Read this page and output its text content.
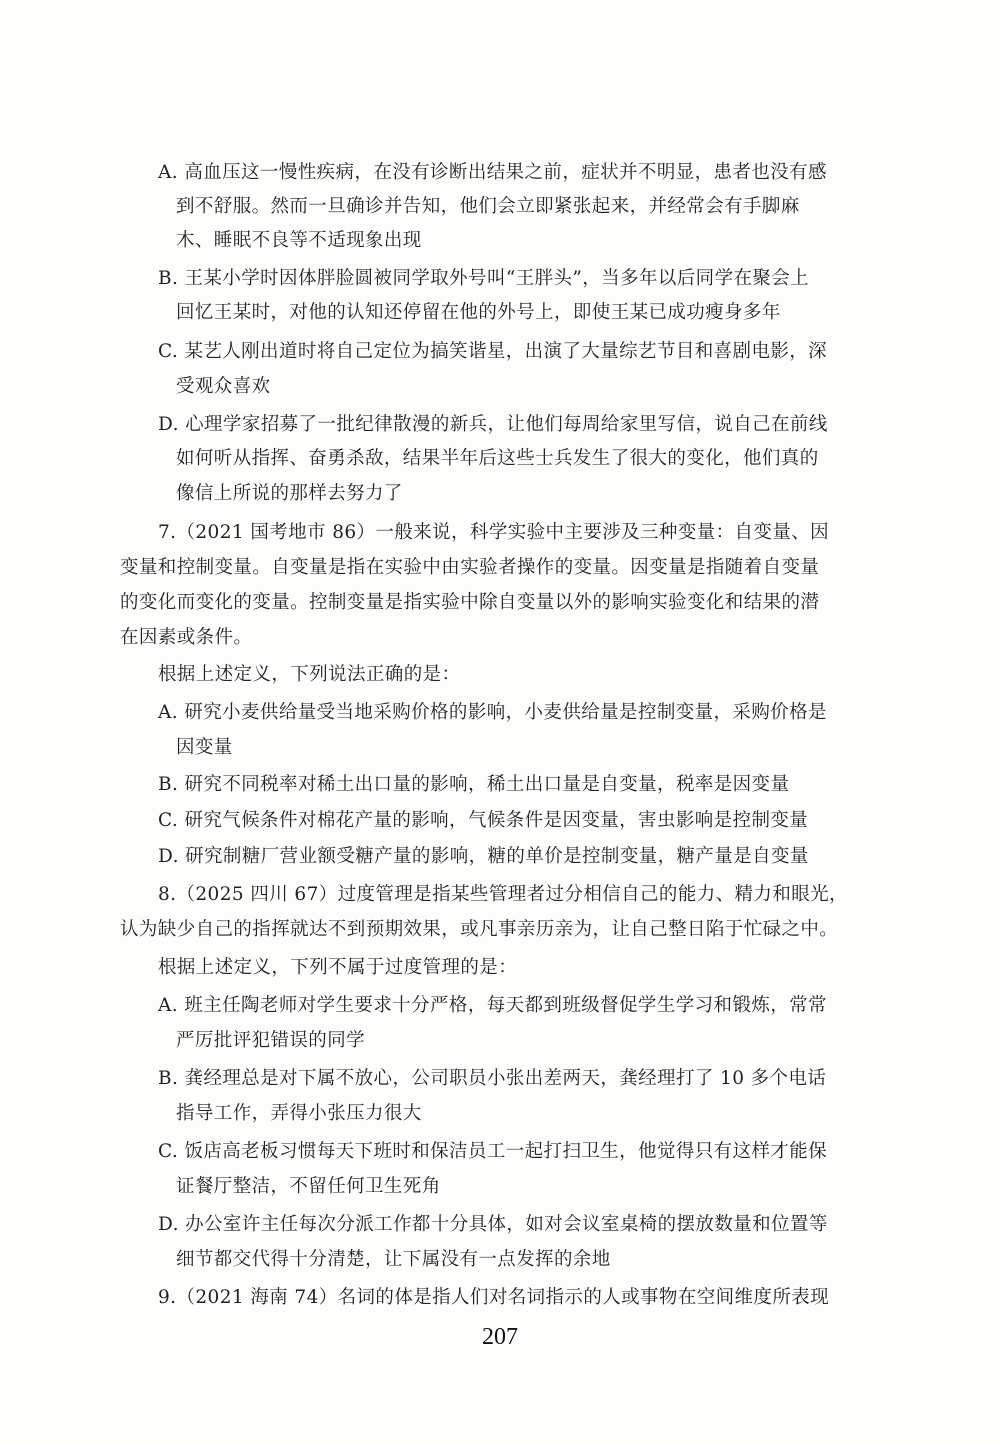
A. 高血压这一慢性疾病，在没有诊断出结果之前，症状并不明显，患者也没有感

到不舒服。然而一旦确诊并告知，他们会立即紧张起来，并经常会有手脚麻

木、睡眠不良等不适现象出现

B. 王某小学时因体胖脸圆被同学取外号叫“王胖头”，当多年以后同学在聚会上

回忆王某时，对他的认知还停留在他的外号上，即使王某已成功瘦身多年

C. 某艺人刚出道时将自己定位为搞笑谐星，出演了大量综艺节目和喜剧电影，深

受观众喜欢

D. 心理学家招募了一批纪律散漫的新兵，让他们每周给家里写信，说自己在前线

如何听从指挥、奋勇杀敌，结果半年后这些士兵发生了很大的变化，他们真的

像信上所说的那样去努力了

7.（2021 国考地市 86）一般来说，科学实验中主要涉及三种变量：自变量、因

变量和控制变量。自变量是指在实验中由实验者操作的变量。因变量是指随着自变量

的变化而变化的变量。控制变量是指实验中除自变量以外的影响实验变化和结果的潜

在因素或条件。

根据上述定义，下列说法正确的是：

A. 研究小麦供给量受当地采购价格的影响，小麦供给量是控制变量，采购价格是

因变量

B. 研究不同税率对稀土出口量的影响，稀土出口量是自变量，税率是因变量

C. 研究气候条件对棉花产量的影响，气候条件是因变量，害虫影响是控制变量

D. 研究制糖厂营业额受糖产量的影响，糖的单价是控制变量，糖产量是自变量

8.（2025 四川 67）过度管理是指某些管理者过分相信自己的能力、精力和眼光，

认为缺少自己的指挥就达不到预期效果，或凡事亲历亲为，让自己整日陷于忙碌之中。

根据上述定义，下列不属于过度管理的是：

A. 班主任陶老师对学生要求十分严格，每天都到班级督促学生学习和锻炼，常常

严厉批评犯错误的同学

B. 龚经理总是对下属不放心，公司职员小张出差两天，龚经理打了 10 多个电话

指导工作，弄得小张压力很大

C. 饭店高老板习惯每天下班时和保洁员工一起打扫卫生，他觉得只有这样才能保

证餐厅整洁，不留任何卫生死角

D. 办公室许主任每次分派工作都十分具体，如对会议室桌椅的摆放数量和位置等

细节都交代得十分清楚，让下属没有一点发挥的余地

9.（2021 海南 74）名词的体是指人们对名词指示的人或事物在空间维度所表现

207
